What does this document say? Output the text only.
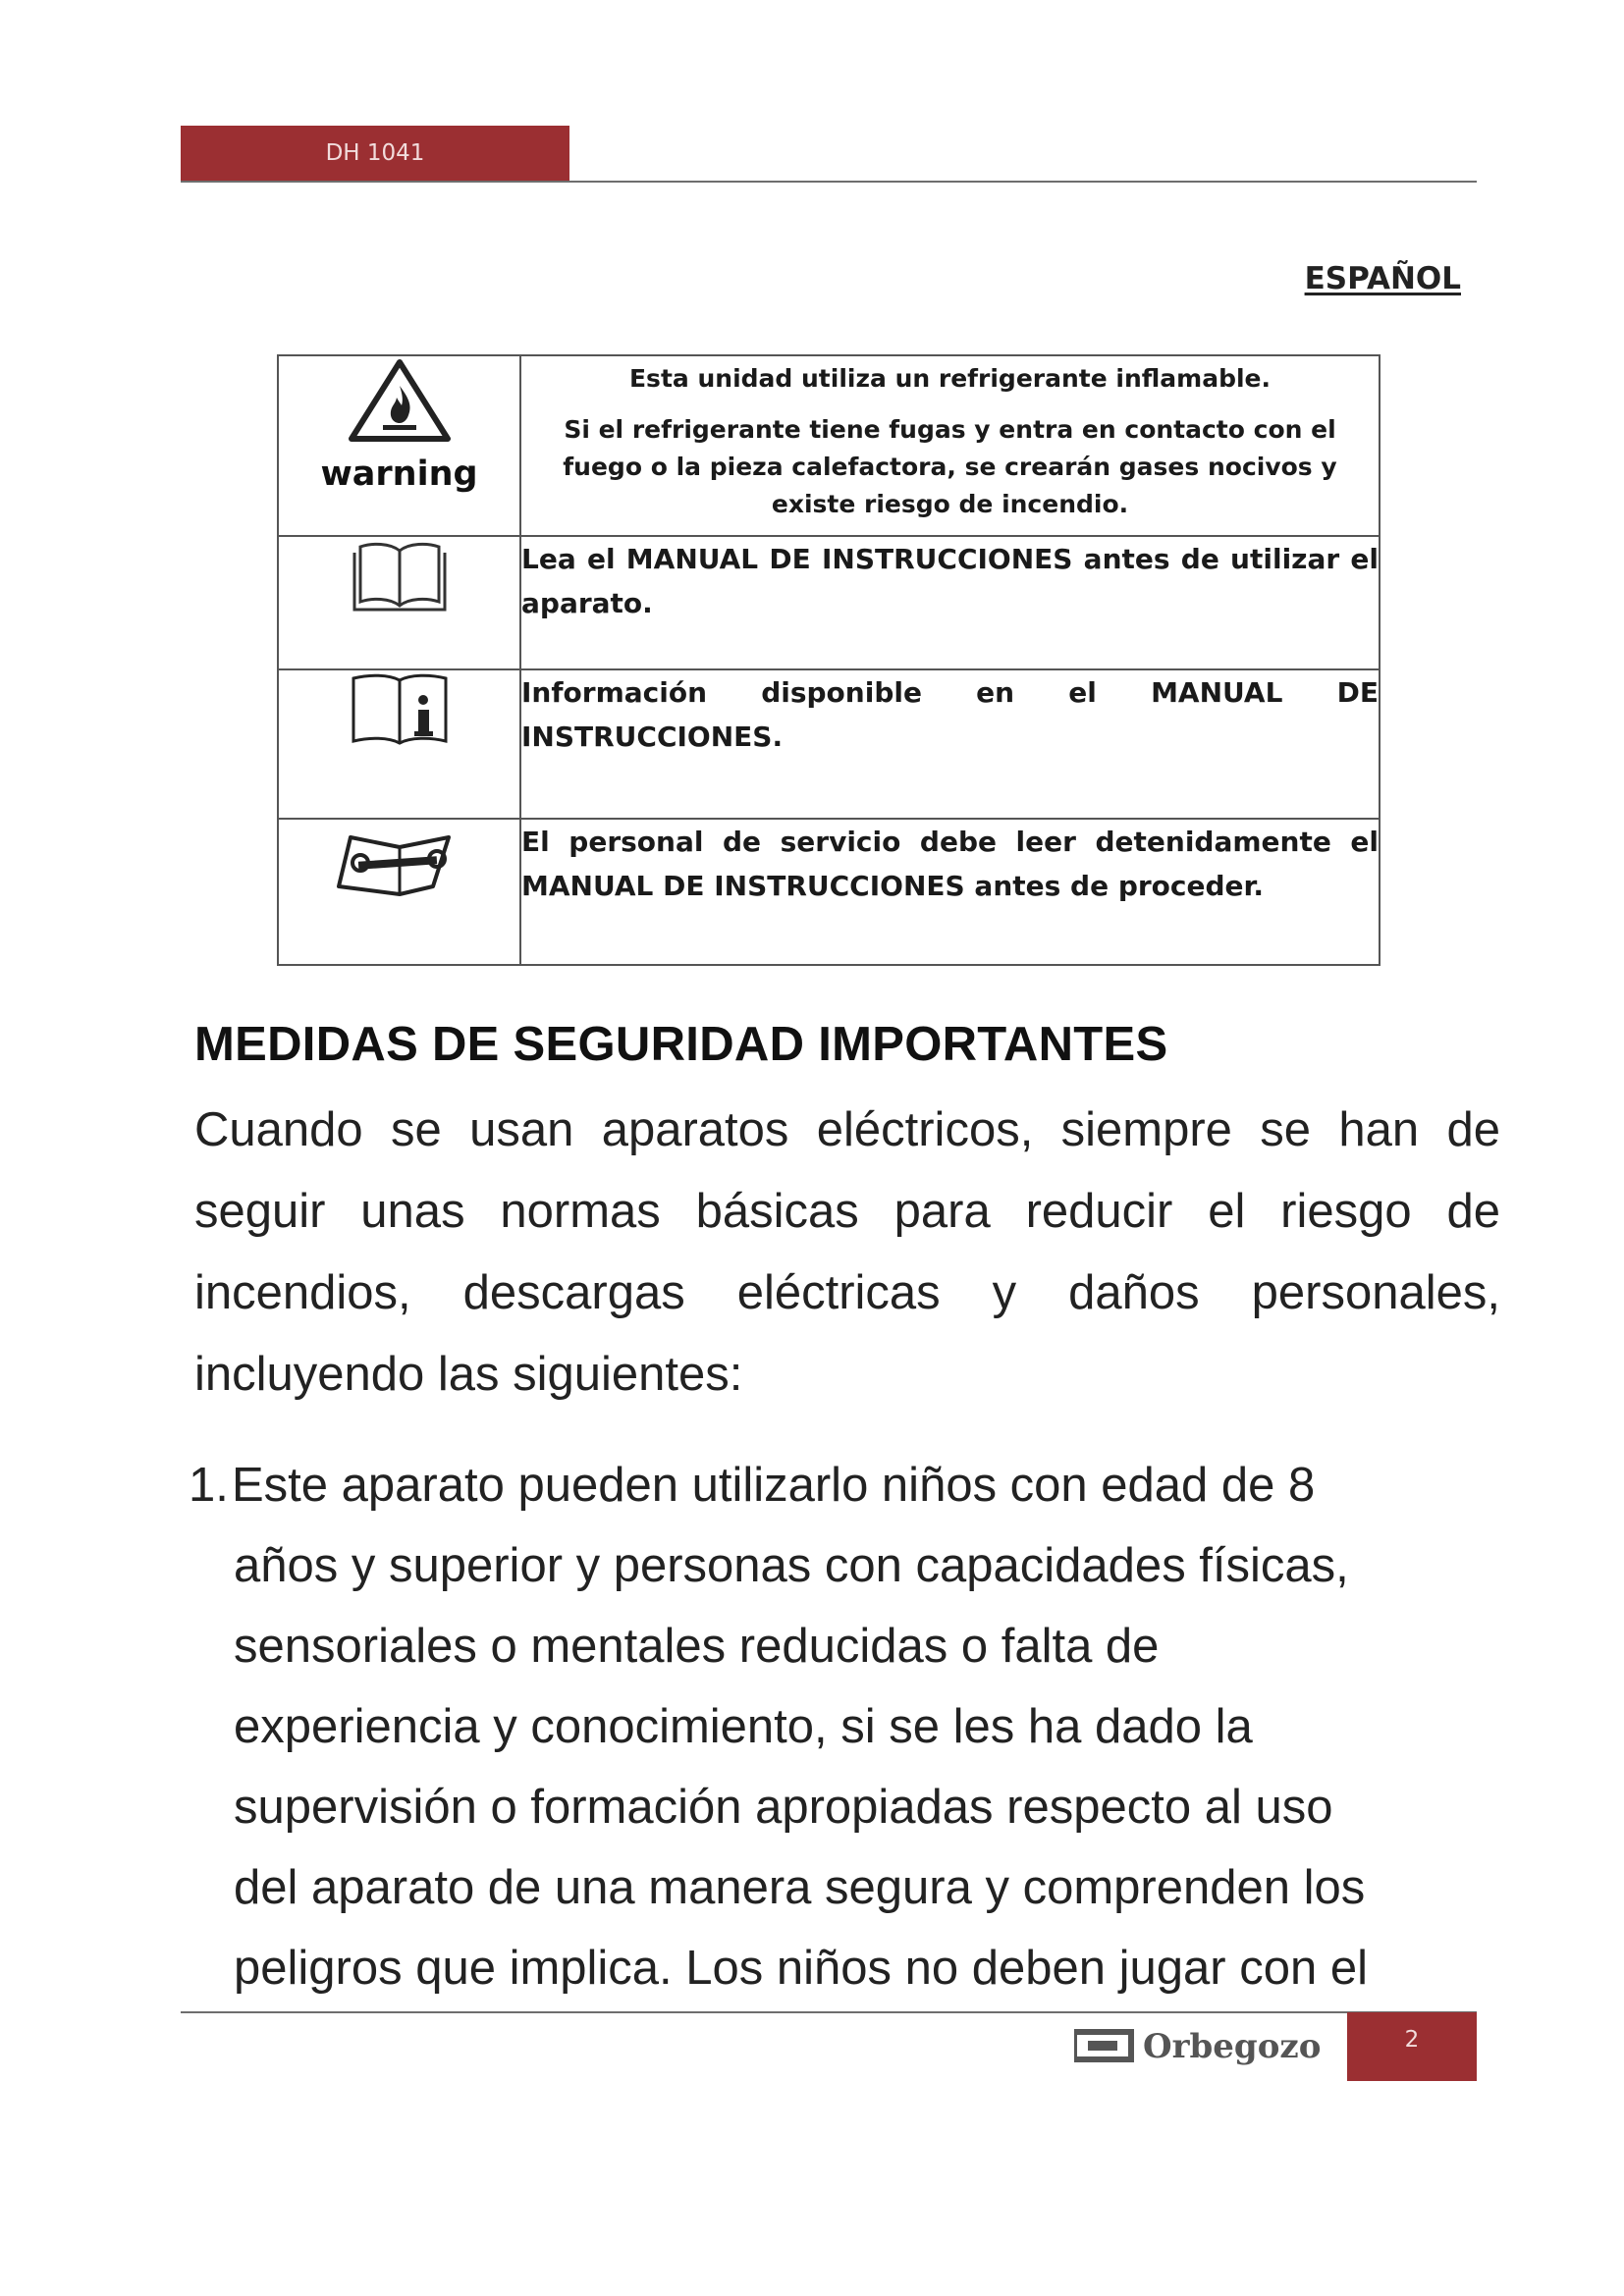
DH 1041
ESPAÑOL
warning	Esta unidad utiliza un refrigerante inflamable.
Si el refrigerante tiene fugas y entra en contacto con el fuego o la pieza calefactora, se crearán gases nocivos y existe riesgo de incendio.

Lea el MANUAL DE INSTRUCCIONES antes de utilizar el aparato.

Información disponible en el MANUAL DE INSTRUCCIONES.

El personal de servicio debe leer detenidamente el MANUAL DE INSTRUCCIONES antes de proceder.
MEDIDAS DE SEGURIDAD IMPORTANTES

Cuando se usan aparatos eléctricos, siempre se han de seguir unas normas básicas para reducir el riesgo de incendios, descargas eléctricas y daños personales, incluyendo las siguientes:

1.Este aparato pueden utilizarlo niños con edad de 8
años y superior y personas con capacidades físicas,
sensoriales o mentales reducidas o falta de
experiencia y conocimiento, si se les ha dado la
supervisión o formación apropiadas respecto al uso
del aparato de una manera segura y comprenden los
peligros que implica. Los niños no deben jugar con el
Orbegozo	2
